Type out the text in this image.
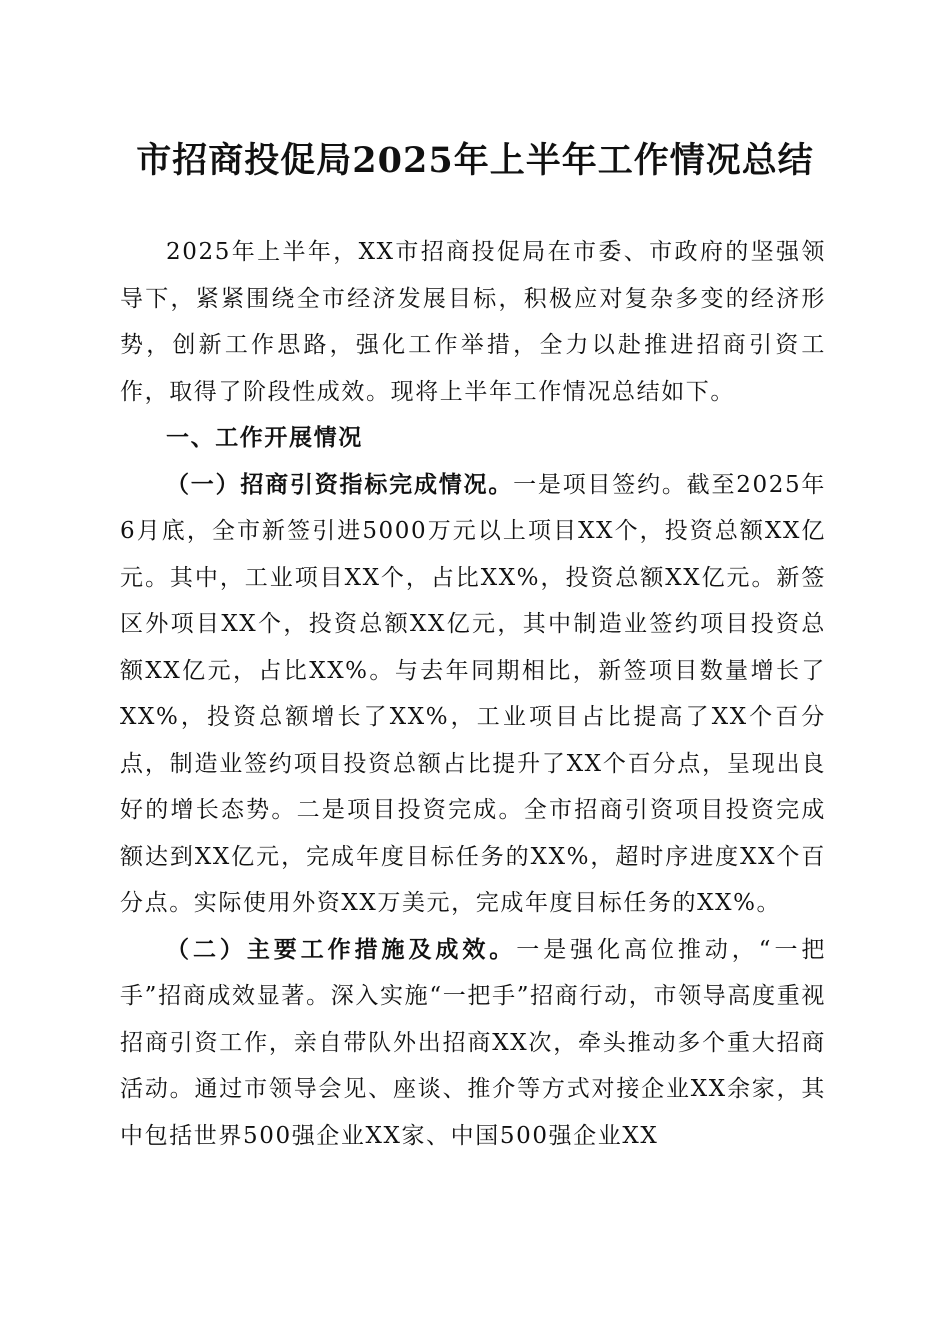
市招商投促局2025年上半年工作情况总结

2025年上半年，XX市招商投促局在市委、市政府的坚强领导下，紧紧围绕全市经济发展目标，积极应对复杂多变的经济形势，创新工作思路，强化工作举措，全力以赴推进招商引资工作，取得了阶段性成效。现将上半年工作情况总结如下。

一、工作开展情况

（一）招商引资指标完成情况。一是项目签约。截至2025年6月底，全市新签引进5000万元以上项目XX个，投资总额XX亿元。其中，工业项目XX个，占比XX%，投资总额XX亿元。新签区外项目XX个，投资总额XX亿元，其中制造业签约项目投资总额XX亿元，占比XX%。与去年同期相比，新签项目数量增长了XX%，投资总额增长了XX%，工业项目占比提高了XX个百分点，制造业签约项目投资总额占比提升了XX个百分点，呈现出良好的增长态势。二是项目投资完成。全市招商引资项目投资完成额达到XX亿元，完成年度目标任务的XX%，超时序进度XX个百分点。实际使用外资XX万美元，完成年度目标任务的XX%。

（二）主要工作措施及成效。一是强化高位推动，“一把手”招商成效显著。深入实施“一把手”招商行动，市领导高度重视招商引资工作，亲自带队外出招商XX次，牵头推动多个重大招商活动。通过市领导会见、座谈、推介等方式对接企业XX余家，其中包括世界500强企业XX家、中国500强企业XX
